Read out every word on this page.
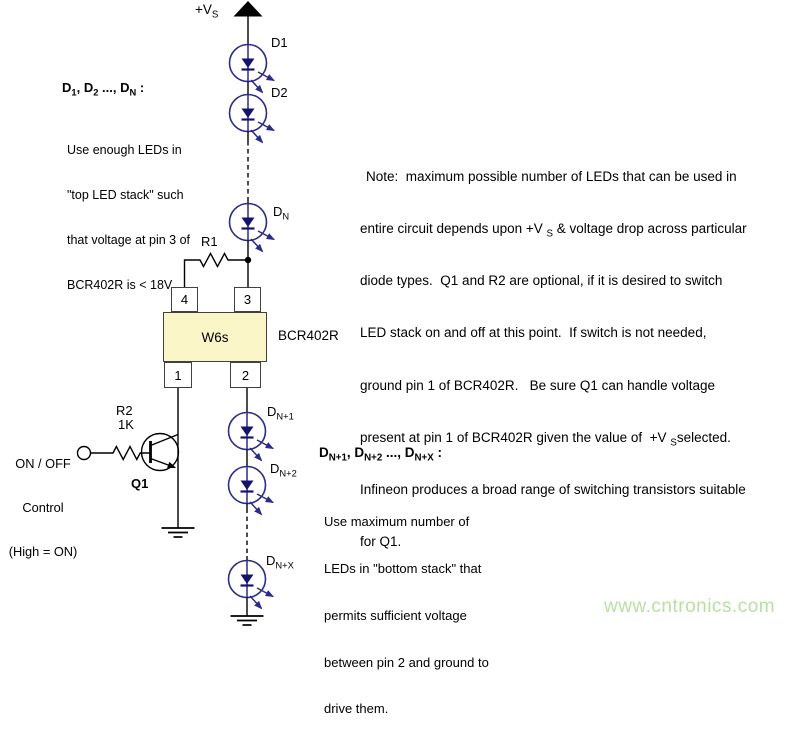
$+V_S$
D1
D2
$D_N$
$D_{N+1}$
$D_{N+2}$
$D_{N+X}$
R1
R2
1K
Q1
W6s	BCR402R
4	3
1	2

ON / OFF

Control

(High = ON)

$D_1$, $D_2$ ..., $D_N$ :

Use enough LEDs in

"top LED stack" such

that voltage at pin 3 of

BCR402R is < 18V

Note:  maximum possible number of LEDs that can be used in

entire circuit depends upon +V $_S$ & voltage drop across particular

diode types.  Q1 and R2 are optional, if it is desired to switch

LED stack on and off at this point.  If switch is not needed,

ground pin 1 of BCR402R.   Be sure Q1 can handle voltage

present at pin 1 of BCR402R given the value of  +V $_S$selected.

Infineon produces a broad range of switching transistors suitable

for Q1.

$D_{N+1}$, $D_{N+2}$ ..., $D_{N+X}$ :

Use maximum number of

LEDs in "bottom stack" that

permits sufficient voltage

between pin 2 and ground to

drive them.

www.cntronics.com
